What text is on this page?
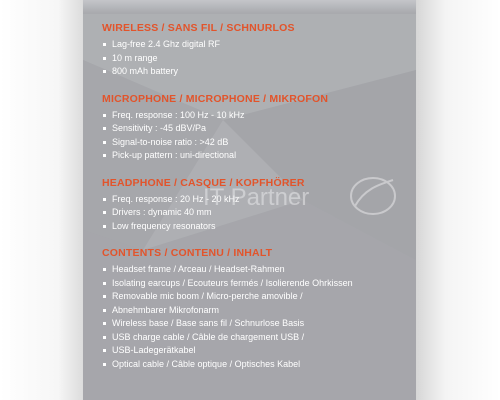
WIRELESS / SANS FIL / SCHNURLOS
Lag-free 2.4 Ghz digital RF
10 m range
800 mAh battery
MICROPHONE / MICROPHONE / MIKROFON
Freq. response : 100 Hz - 10 kHz
Sensitivity : -45 dBV/Pa
Signal-to-noise ratio : >42 dB
Pick-up pattern : uni-directional
HEADPHONE / CASQUE / KOPFHÖRER
Freq. response : 20 Hz - 20 kHz
Drivers : dynamic 40 mm
Low frequency resonators
CONTENTS / CONTENU / INHALT
Headset frame / Arceau / Headset-Rahmen
Isolating earcups / Ecouteurs fermés / Isolierende Ohrkissen
Removable mic boom / Micro-perche amovible /
Abnehmbarer Mikrofonarm
Wireless base / Base sans fil / Schnurlose Basis
USB charge cable / Câble de chargement USB /
USB-Ladegerätkabel
Optical cable / Câble optique / Optisches Kabel
IT Partner
